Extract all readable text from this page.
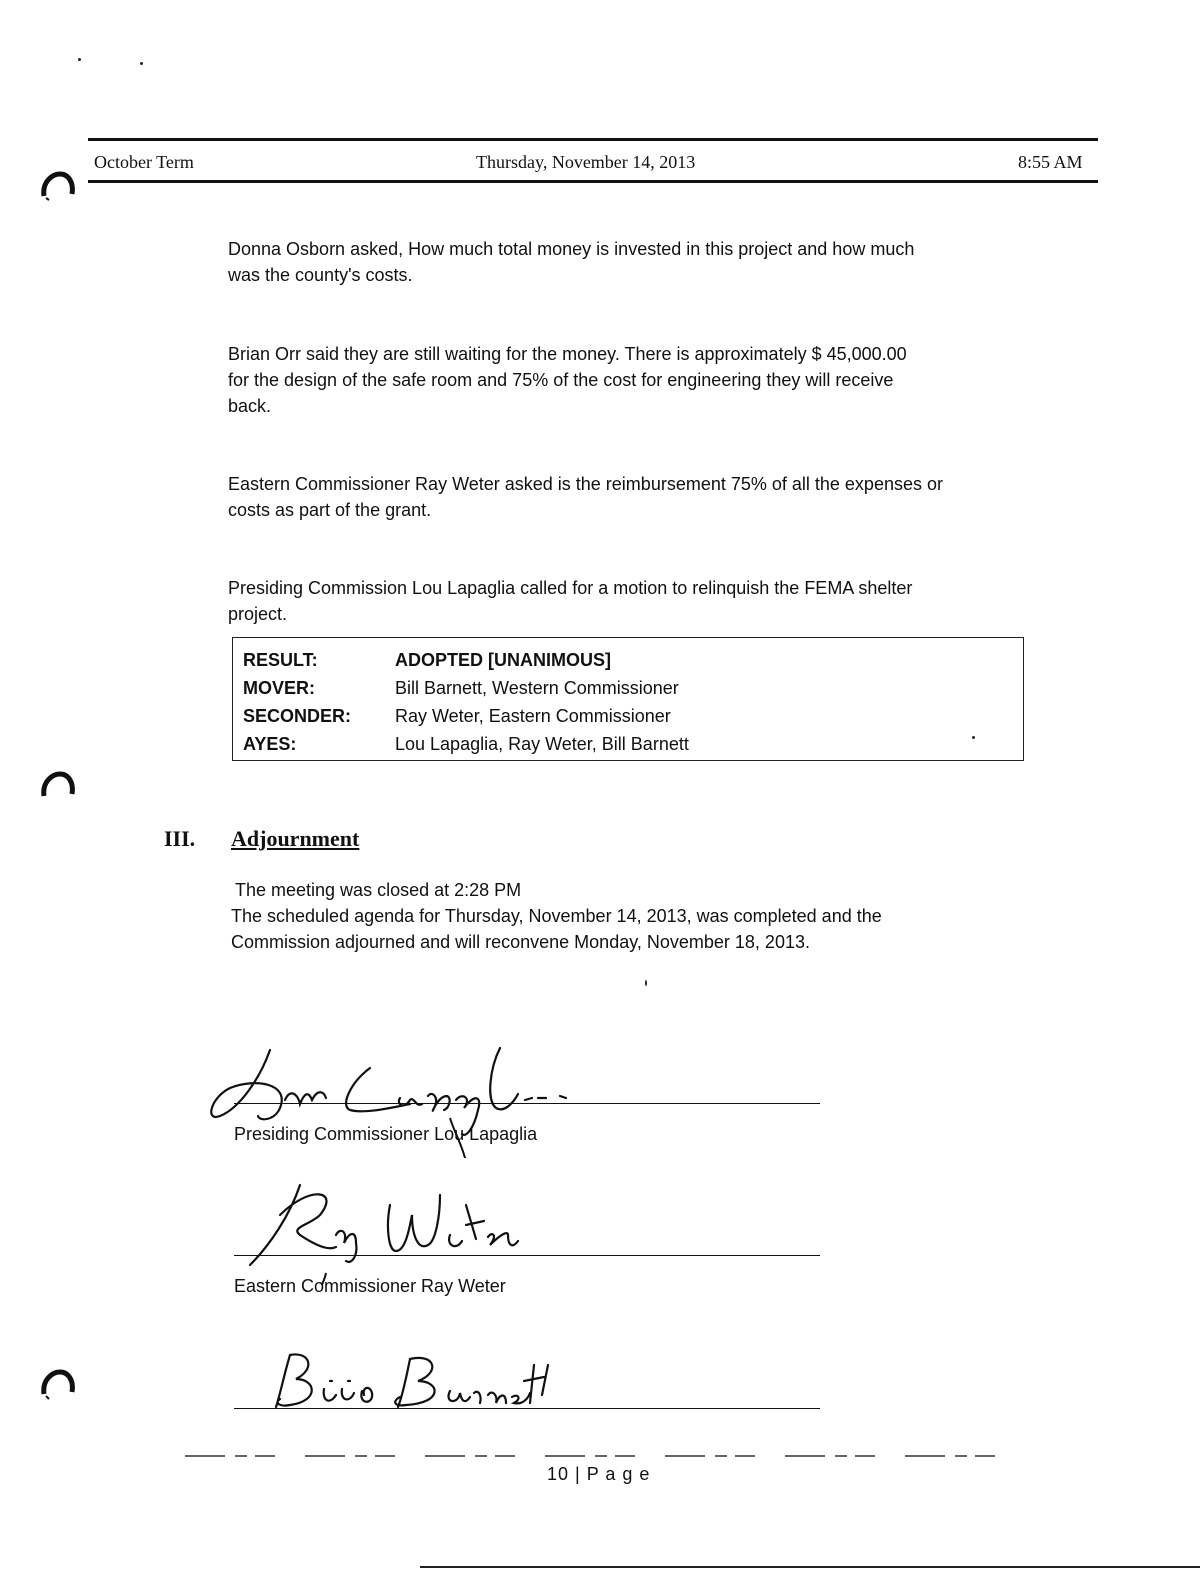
October Term	Thursday, November 14, 2013	8:55 AM
Donna Osborn asked, How much total money is invested in this project and how much
was the county's costs.
Brian Orr said they are still waiting for the money. There is approximately $ 45,000.00
for the design of the safe room and 75% of the cost for engineering they will receive
back.
Eastern Commissioner Ray Weter asked is the reimbursement 75% of all the expenses or
costs as part of the grant.
Presiding Commission Lou Lapaglia called for a motion to relinquish the FEMA shelter
project.
RESULT:	ADOPTED [UNANIMOUS]
MOVER:	Bill Barnett, Western Commissioner
SECONDER:	Ray Weter, Eastern Commissioner
AYES:	Lou Lapaglia, Ray Weter, Bill Barnett
III. Adjournment
The meeting was closed at 2:28 PM
The scheduled agenda for Thursday, November 14, 2013, was completed and the
Commission adjourned and will reconvene Monday, November 18, 2013.
Presiding Commissioner Lou Lapaglia
Eastern Commissioner Ray Weter
10 | P a g e
